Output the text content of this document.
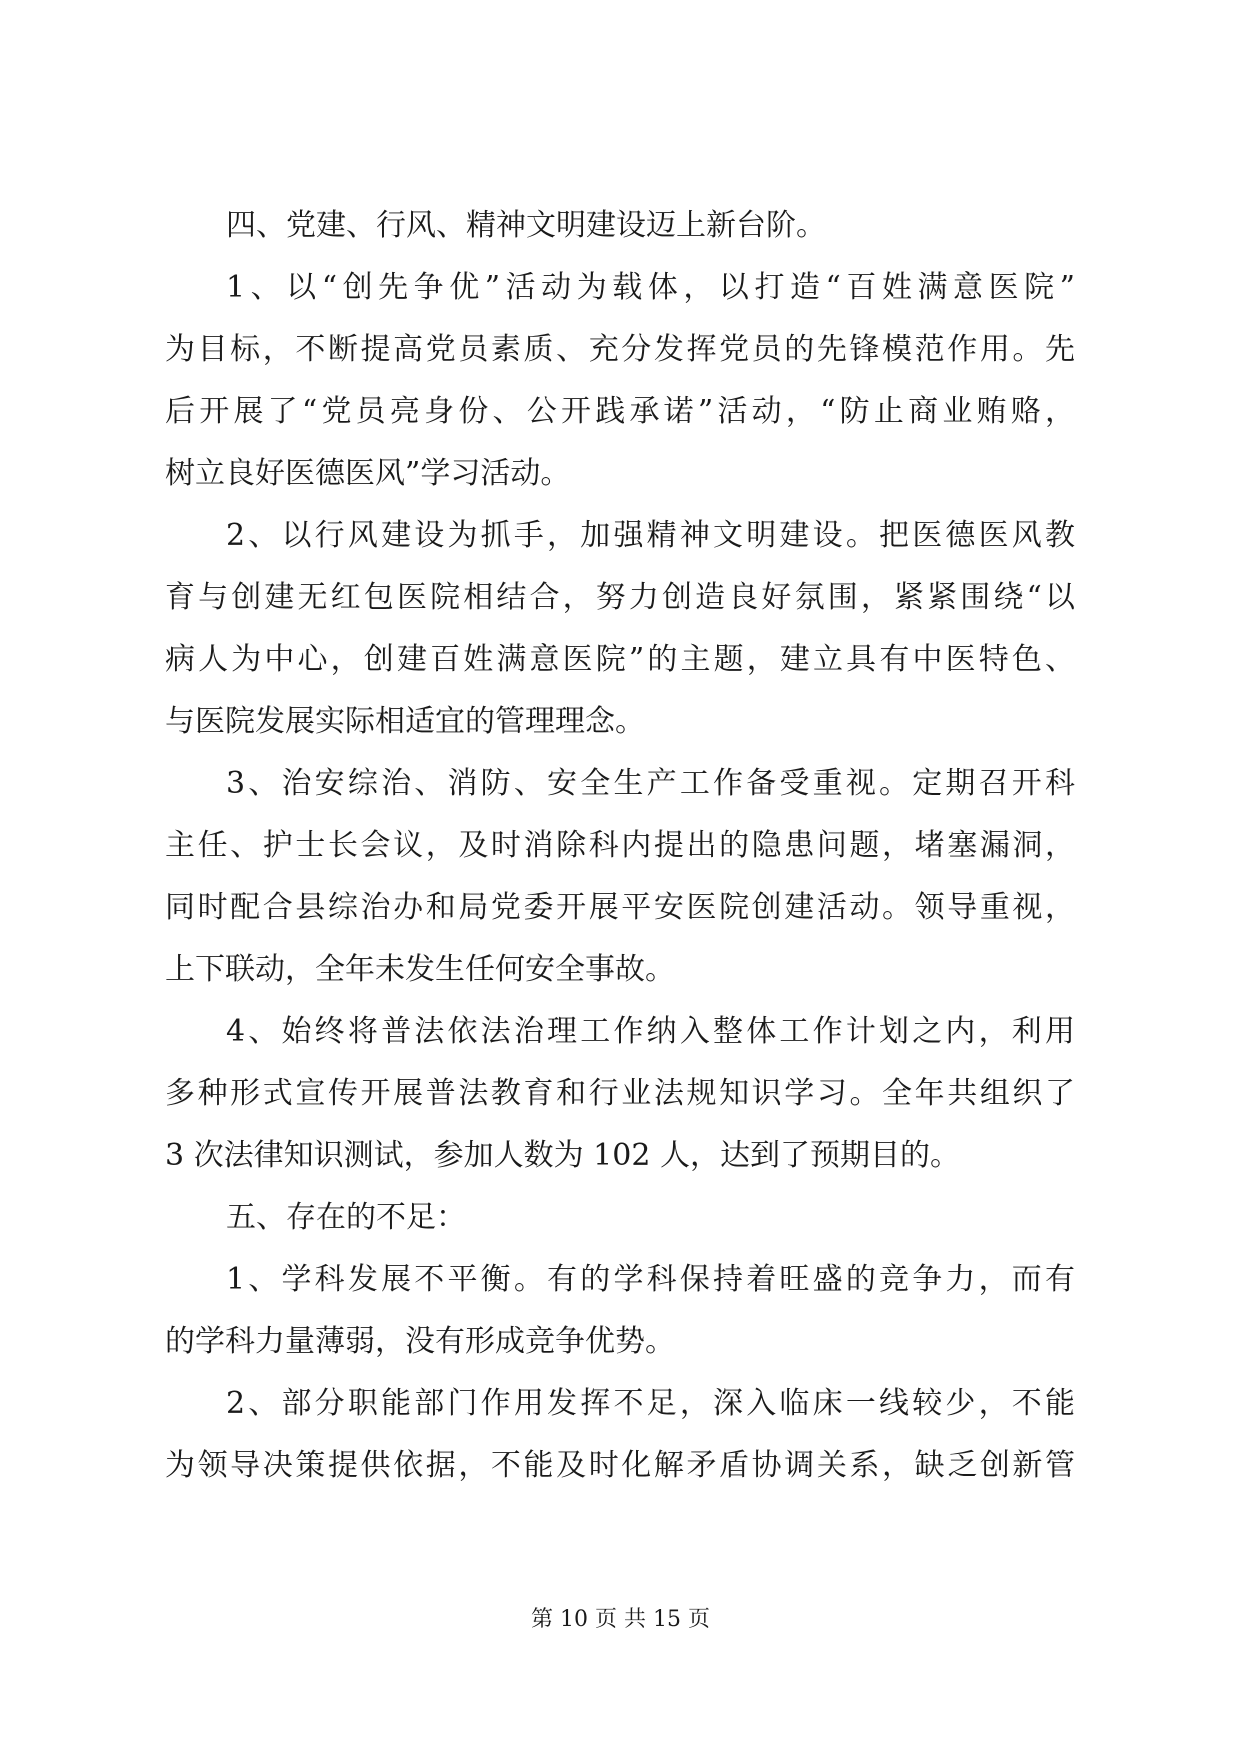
四、党建、行风、精神文明建设迈上新台阶。
1、以“创先争优”活动为载体，以打造“百姓满意医院”
为目标，不断提高党员素质、充分发挥党员的先锋模范作用。先
后开展了“党员亮身份、公开践承诺”活动，“防止商业贿赂，
树立良好医德医风”学习活动。
2、以行风建设为抓手，加强精神文明建设。把医德医风教
育与创建无红包医院相结合，努力创造良好氛围，紧紧围绕“以
病人为中心，创建百姓满意医院”的主题，建立具有中医特色、
与医院发展实际相适宜的管理理念。
3、治安综治、消防、安全生产工作备受重视。定期召开科
主任、护士长会议，及时消除科内提出的隐患问题，堵塞漏洞，
同时配合县综治办和局党委开展平安医院创建活动。领导重视，
上下联动，全年未发生任何安全事故。
4、始终将普法依法治理工作纳入整体工作计划之内，利用
多种形式宣传开展普法教育和行业法规知识学习。全年共组织了
3 次法律知识测试，参加人数为 102 人，达到了预期目的。
五、存在的不足：
1、学科发展不平衡。有的学科保持着旺盛的竞争力，而有
的学科力量薄弱，没有形成竞争优势。
2、部分职能部门作用发挥不足，深入临床一线较少，不能
为领导决策提供依据，不能及时化解矛盾协调关系，缺乏创新管
第 10 页 共 15 页
